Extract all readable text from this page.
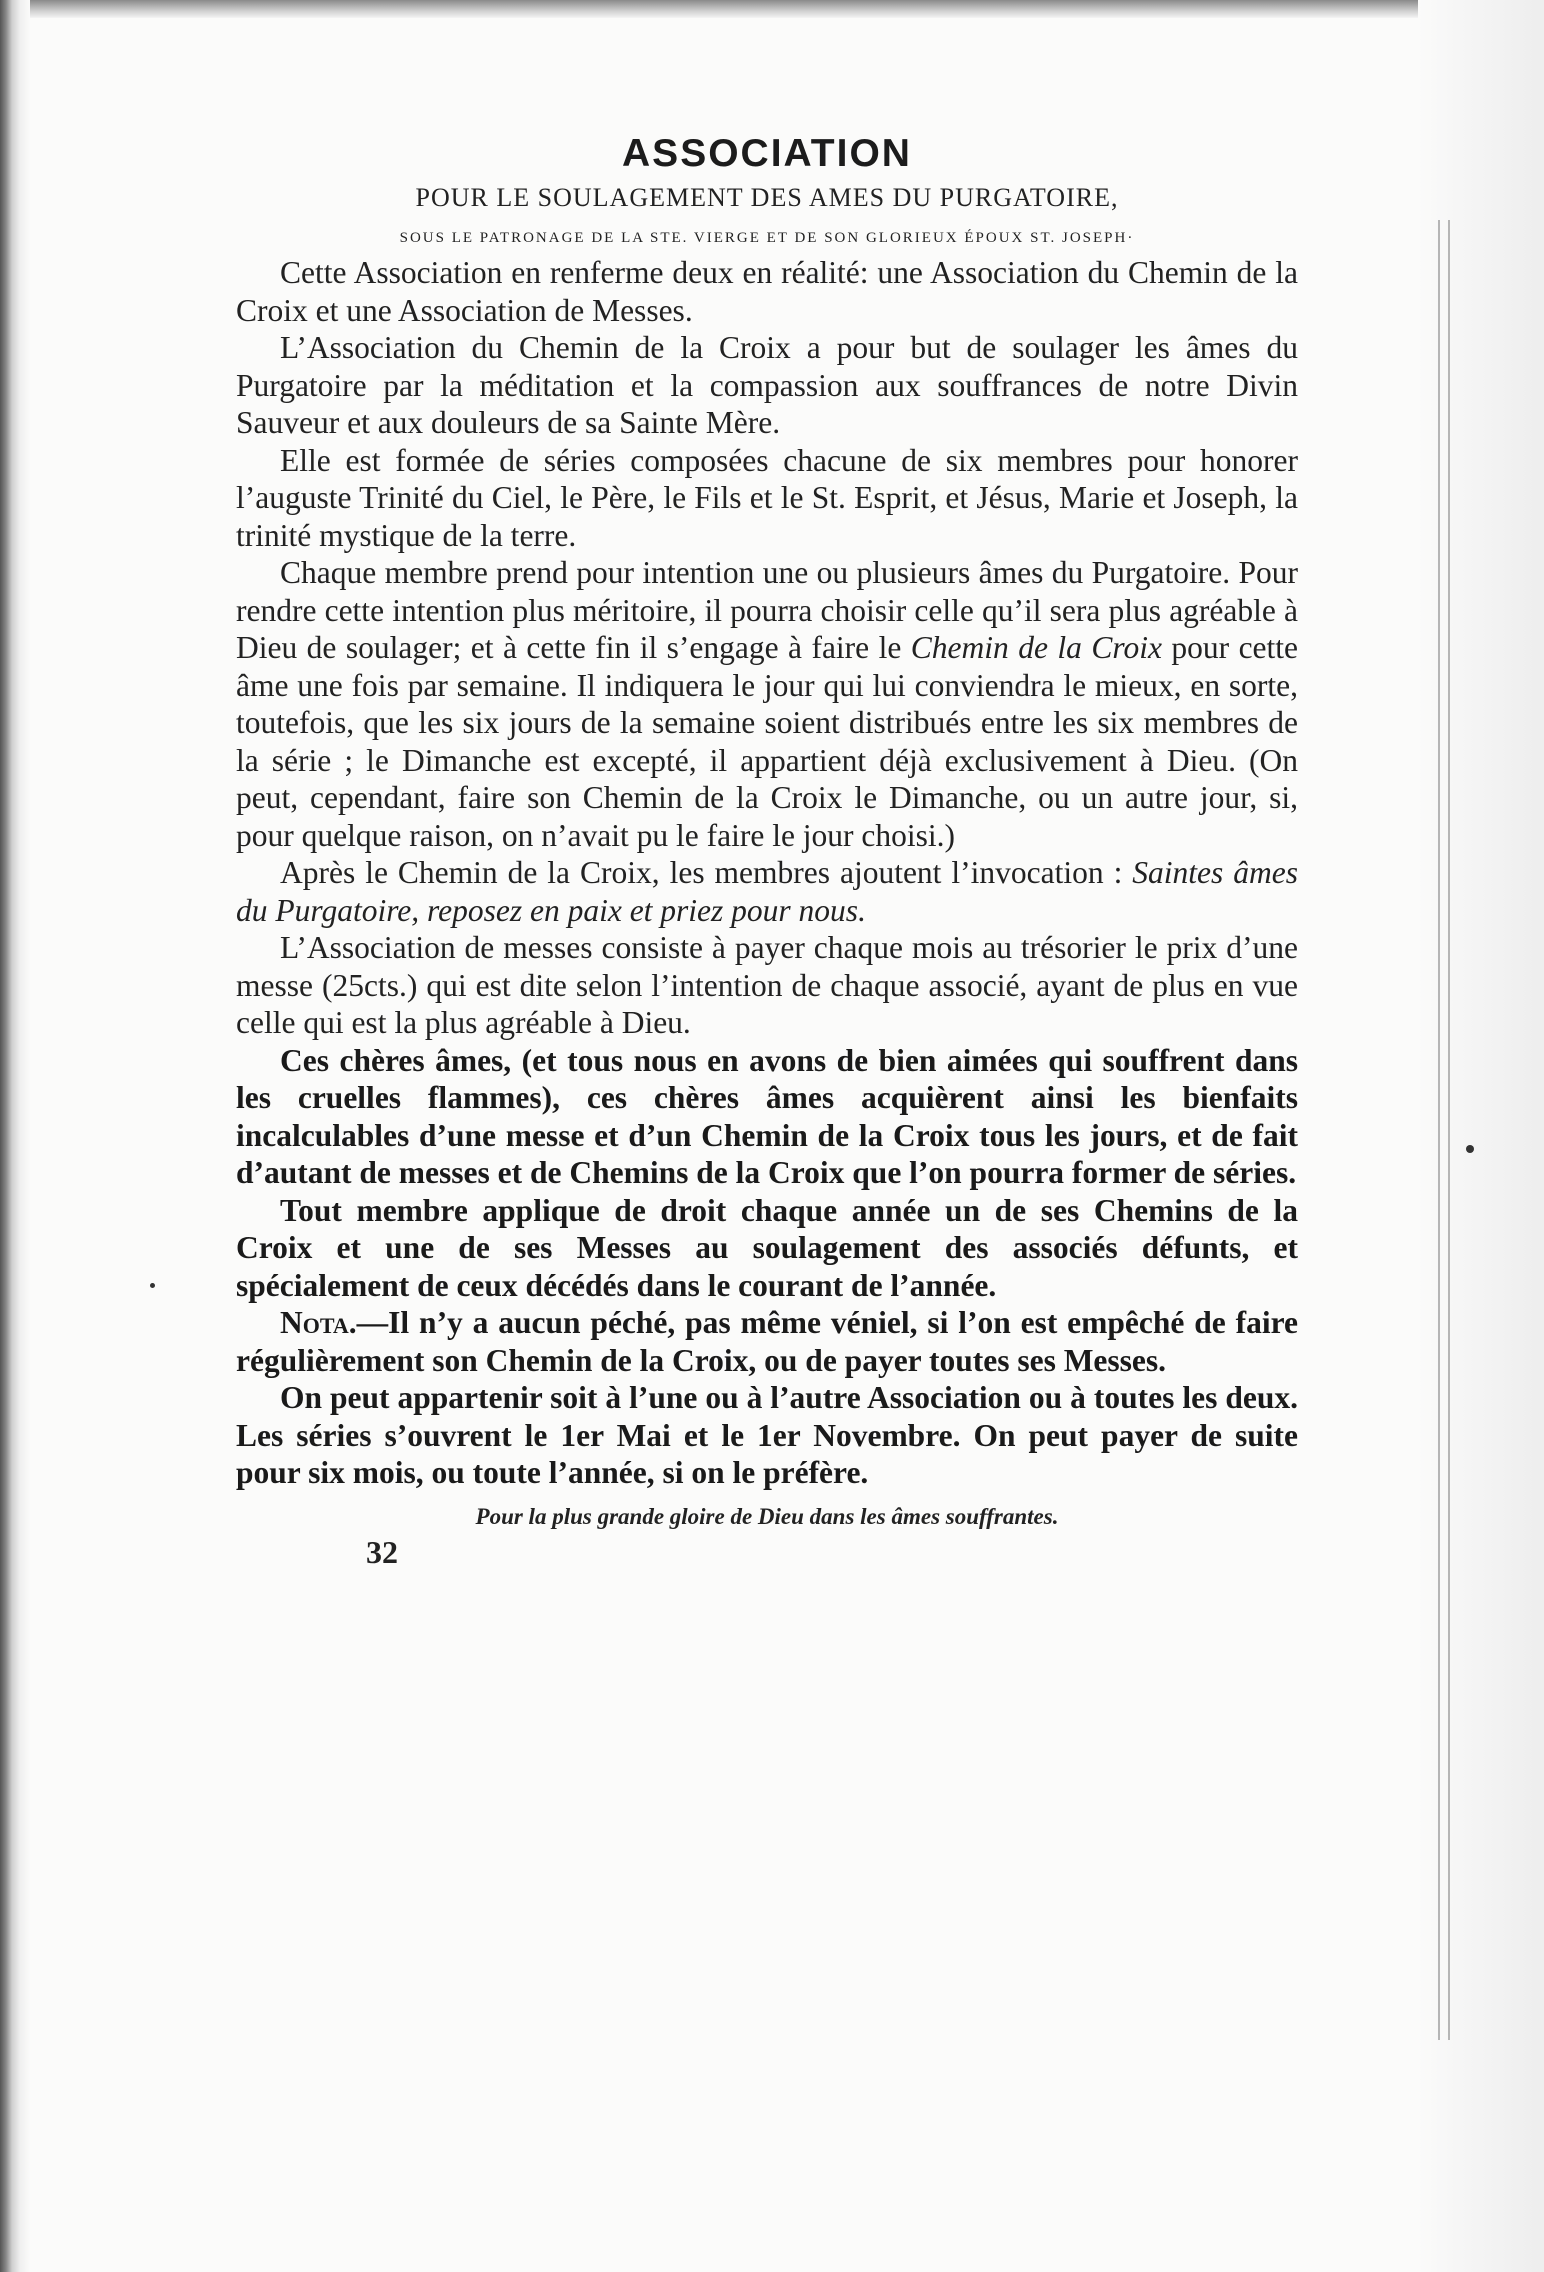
ASSOCIATION
POUR LE SOULAGEMENT DES AMES DU PURGATOIRE,
SOUS LE PATRONAGE DE LA STE. VIERGE ET DE SON GLORIEUX ÉPOUX ST. JOSEPH·

Cette Association en renferme deux en réalité: une Association du Chemin de la Croix et une Association de Messes.

L’Association du Chemin de la Croix a pour but de soulager les âmes du Purgatoire par la méditation et la compassion aux souffrances de notre Divin Sauveur et aux douleurs de sa Sainte Mère.

Elle est formée de séries composées chacune de six membres pour honorer l’auguste Trinité du Ciel, le Père, le Fils et le St. Esprit, et Jésus, Marie et Joseph, la trinité mystique de la terre.

Chaque membre prend pour intention une ou plusieurs âmes du Purgatoire. Pour rendre cette intention plus méritoire, il pourra choisir celle qu’il sera plus agréable à Dieu de soulager; et à cette fin il s’engage à faire le Chemin de la Croix pour cette âme une fois par semaine. Il indiquera le jour qui lui conviendra le mieux, en sorte, toutefois, que les six jours de la semaine soient distribués entre les six membres de la série ; le Dimanche est excepté, il appartient déjà exclusivement à Dieu. (On peut, cependant, faire son Chemin de la Croix le Dimanche, ou un autre jour, si, pour quelque raison, on n’avait pu le faire le jour choisi.)

Après le Chemin de la Croix, les membres ajoutent l’invocation : Saintes âmes du Purgatoire, reposez en paix et priez pour nous.

L’Association de messes consiste à payer chaque mois au trésorier le prix d’une messe (25cts.) qui est dite selon l’intention de chaque associé, ayant de plus en vue celle qui est la plus agréable à Dieu.

Ces chères âmes, (et tous nous en avons de bien aimées qui souffrent dans les cruelles flammes), ces chères âmes acquièrent ainsi les bienfaits incalculables d’une messe et d’un Chemin de la Croix tous les jours, et de fait d’autant de messes et de Chemins de la Croix que l’on pourra former de séries.

Tout membre applique de droit chaque année un de ses Chemins de la Croix et une de ses Messes au soulagement des associés défunts, et spécialement de ceux décédés dans le courant de l’année.

Nota.—Il n’y a aucun péché, pas même véniel, si l’on est empêché de faire régulièrement son Chemin de la Croix, ou de payer toutes ses Messes.

On peut appartenir soit à l’une ou à l’autre Association ou à toutes les deux. Les séries s’ouvrent le 1er Mai et le 1er Novembre. On peut payer de suite pour six mois, ou toute l’année, si on le préfère.

Pour la plus grande gloire de Dieu dans les âmes souffrantes.
32
